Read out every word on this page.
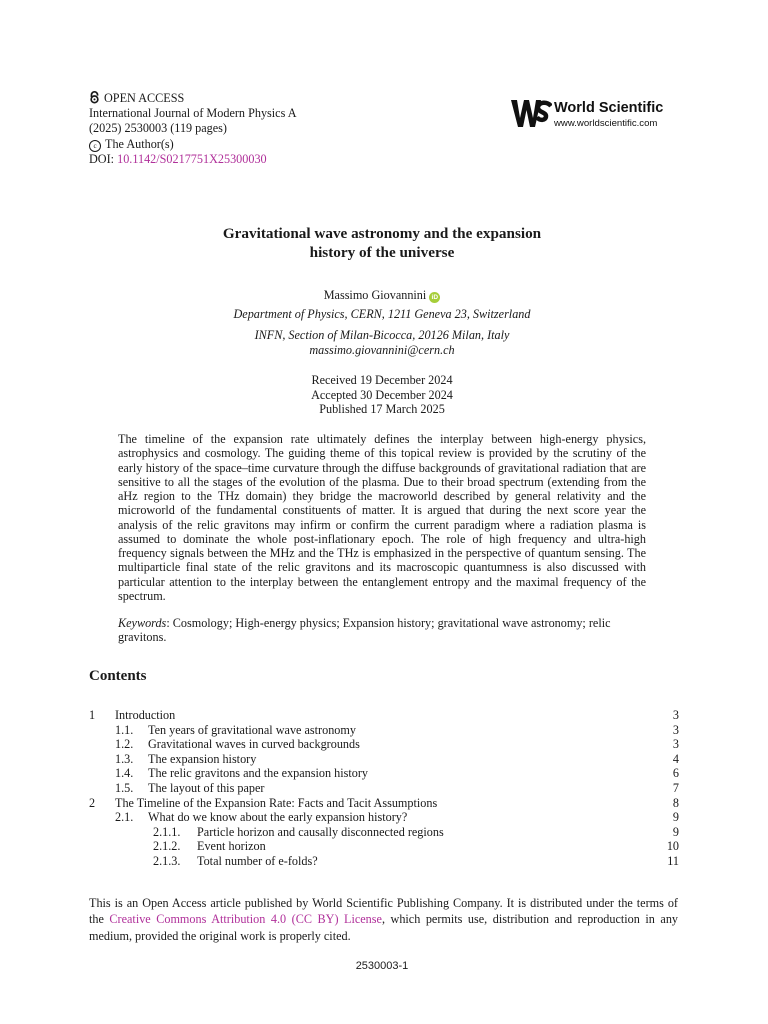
OPEN ACCESS
International Journal of Modern Physics A
(2025) 2530003 (119 pages)
c The Author(s)
DOI: 10.1142/S0217751X25300030
World Scientific
www.worldscientific.com
Gravitational wave astronomy and the expansion
history of the universe
Massimo Giovannini iD
Department of Physics, CERN, 1211 Geneva 23, Switzerland
INFN, Section of Milan-Bicocca, 20126 Milan, Italy
massimo.giovannini@cern.ch
Received 19 December 2024
Accepted 30 December 2024
Published 17 March 2025
The timeline of the expansion rate ultimately defines the interplay between high-energy physics, astrophysics and cosmology. The guiding theme of this topical review is provided by the scrutiny of the early history of the space–time curvature through the diffuse backgrounds of gravitational radiation that are sensitive to all the stages of the evolution of the plasma. Due to their broad spectrum (extending from the aHz region to the THz domain) they bridge the macroworld described by general relativity and the microworld of the fundamental constituents of matter. It is argued that during the next score year the analysis of the relic gravitons may infirm or confirm the current paradigm where a radiation plasma is assumed to dominate the whole post-inflationary epoch. The role of high frequency and ultra-high frequency signals between the MHz and the THz is emphasized in the perspective of quantum sensing. The multiparticle final state of the relic gravitons and its macroscopic quantumness is also discussed with particular attention to the interplay between the entanglement entropy and the maximal frequency of the spectrum.
Keywords: Cosmology; High-energy physics; Expansion history; gravitational wave astronomy; relic gravitons.
Contents
1 Introduction	3
1.1. Ten years of gravitational wave astronomy	3
1.2. Gravitational waves in curved backgrounds	3
1.3. The expansion history	4
1.4. The relic gravitons and the expansion history	6
1.5. The layout of this paper	7
2 The Timeline of the Expansion Rate: Facts and Tacit Assumptions	8
2.1. What do we know about the early expansion history?	9
2.1.1. Particle horizon and causally disconnected regions	9
2.1.2. Event horizon	10
2.1.3. Total number of e-folds?	11
This is an Open Access article published by World Scientific Publishing Company. It is distributed under the terms of the Creative Commons Attribution 4.0 (CC BY) License, which permits use, distribution and reproduction in any medium, provided the original work is properly cited.
2530003-1
